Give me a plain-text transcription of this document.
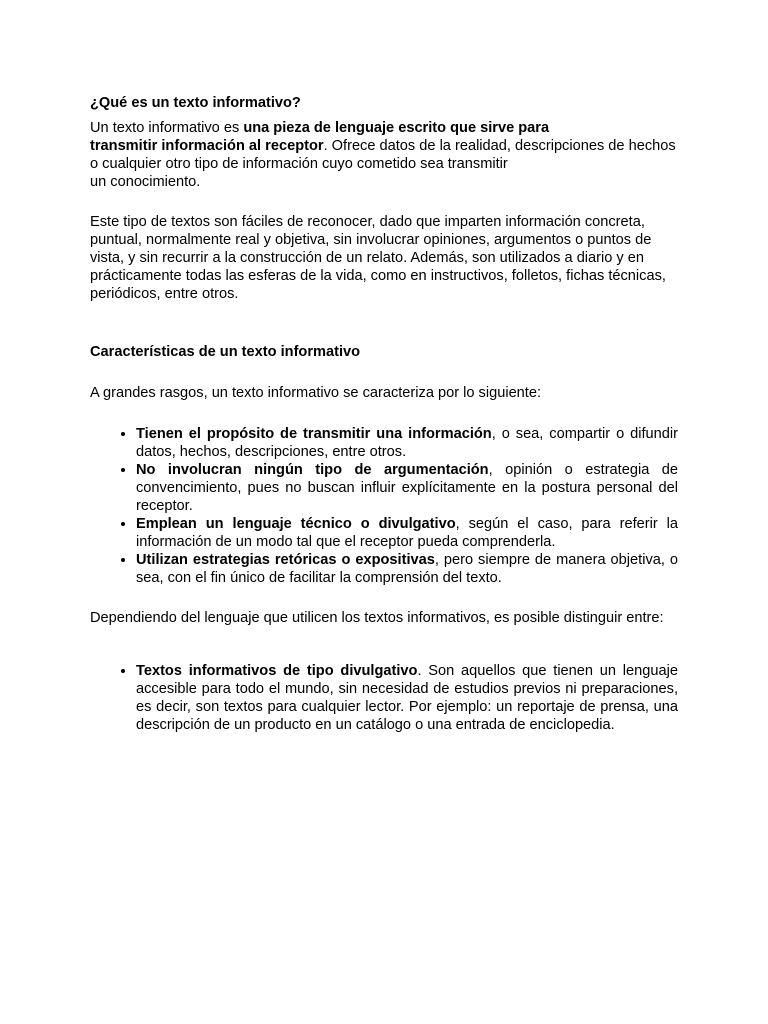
¿Qué es un texto informativo?

Un texto informativo es una pieza de lenguaje escrito que sirve para
transmitir información al receptor. Ofrece datos de la realidad, descripciones de hechos o cualquier otro tipo de información cuyo cometido sea transmitir
un conocimiento.

Este tipo de textos son fáciles de reconocer, dado que imparten información concreta, puntual, normalmente real y objetiva, sin involucrar opiniones, argumentos o puntos de vista, y sin recurrir a la construcción de un relato. Además, son utilizados a diario y en prácticamente todas las esferas de la vida, como en instructivos, folletos, fichas técnicas, periódicos, entre otros.

Características de un texto informativo

A grandes rasgos, un texto informativo se caracteriza por lo siguiente:

• Tienen el propósito de transmitir una información, o sea, compartir o difundir datos, hechos, descripciones, entre otros.
• No involucran ningún tipo de argumentación, opinión o estrategia de convencimiento, pues no buscan influir explícitamente en la postura personal del receptor.
• Emplean un lenguaje técnico o divulgativo, según el caso, para referir la información de un modo tal que el receptor pueda comprenderla.
• Utilizan estrategias retóricas o expositivas, pero siempre de manera objetiva, o sea, con el fin único de facilitar la comprensión del texto.

Dependiendo del lenguaje que utilicen los textos informativos, es posible distinguir entre:

• Textos informativos de tipo divulgativo. Son aquellos que tienen un lenguaje accesible para todo el mundo, sin necesidad de estudios previos ni preparaciones, es decir, son textos para cualquier lector. Por ejemplo: un reportaje de prensa, una descripción de un producto en un catálogo o una entrada de enciclopedia.
